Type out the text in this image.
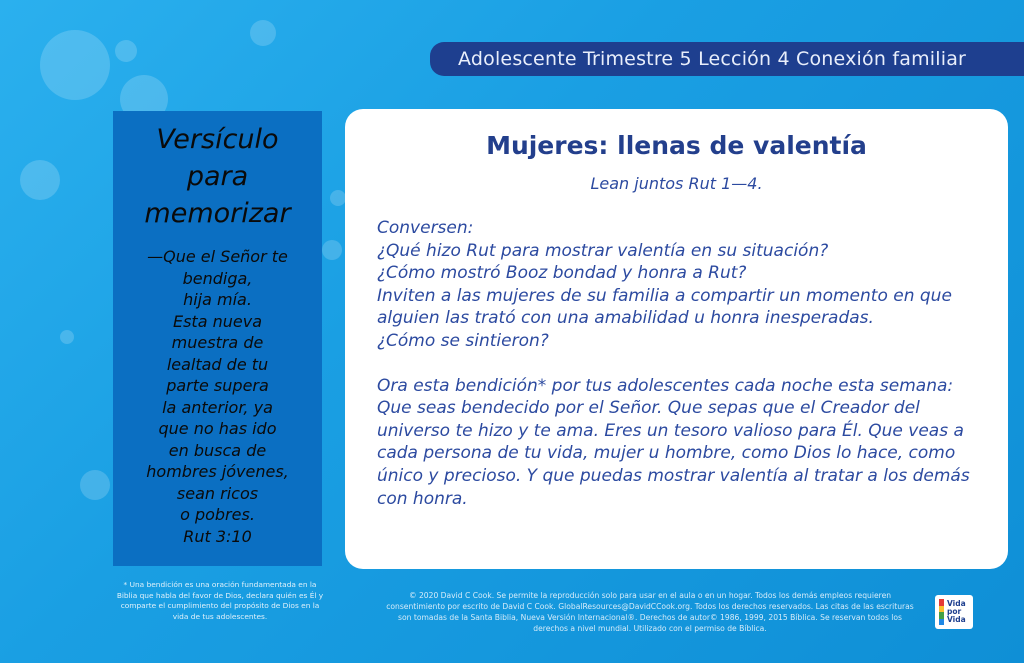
Adolescente Trimestre 5 Lección 4 Conexión familiar

Versículo
para
memorizar

—Que el Señor te
bendiga,
hija mía.
Esta nueva
muestra de
lealtad de tu
parte supera
la anterior, ya
que no has ido
en busca de
hombres jóvenes,
sean ricos
o pobres.
Rut 3:10
* Una bendición es una oración fundamentada en la Biblia que habla del favor de Dios, declara quién es Él y comparte el cumplimiento del propósito de Dios en la vida de tus adolescentes.
Mujeres: llenas de valentía
Lean juntos Rut 1—4.

Conversen:

¿Qué hizo Rut para mostrar valentía en su situación?

¿Cómo mostró Booz bondad y honra a Rut?

Inviten a las mujeres de su familia a compartir un momento en que alguien las trató con una amabilidad u honra inesperadas.

¿Cómo se sintieron?

Ora esta bendición* por tus adolescentes cada noche esta semana:

Que seas bendecido por el Señor. Que sepas que el Creador del universo te hizo y te ama. Eres un tesoro valioso para Él. Que veas a cada persona de tu vida, mujer u hombre, como Dios lo hace, como único y precioso. Y que puedas mostrar valentía al tratar a los demás con honra.

© 2020 David C Cook. Se permite la reproducción solo para usar en el aula o en un hogar. Todos los demás empleos requieren consentimiento por escrito de David C Cook. GlobalResources@DavidCCook.org. Todos los derechos reservados. Las citas de las escrituras son tomadas de la Santa Biblia, Nueva Versión Internacional®. Derechos de autor© 1986, 1999, 2015 Bíblica. Se reservan todos los derechos a nivel mundial. Utilizado con el permiso de Bíblica.
Vida
por
Vida
